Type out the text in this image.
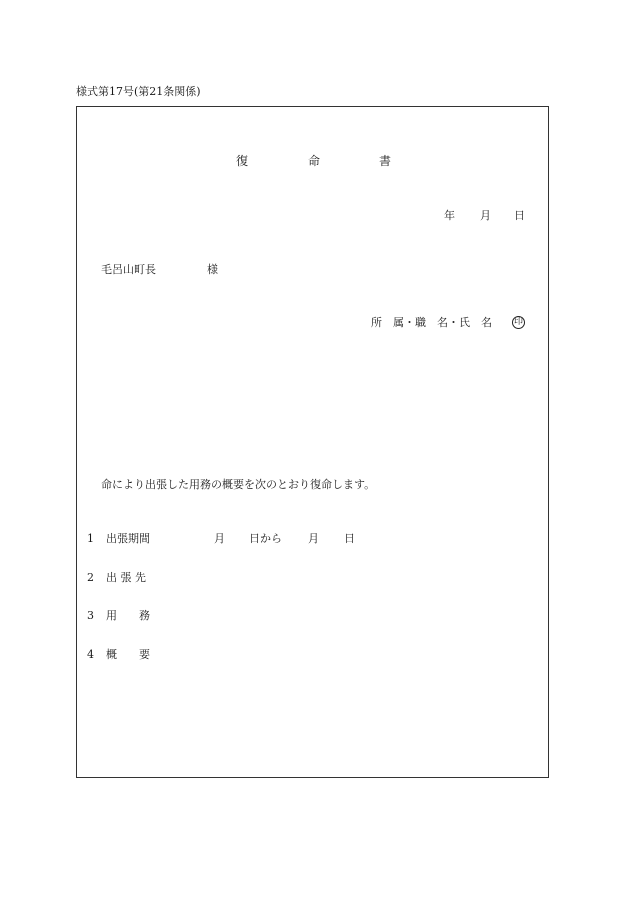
様式第17号(第21条関係)
復	命	書
年 月 日
毛呂山町長	様
所　属・職　名・氏　名 印
命により出張した用務の概要を次のとおり復命します。
1 出張期間	月 日から 月 日
2 出 張 先
3 用　　務
4 概　　要
